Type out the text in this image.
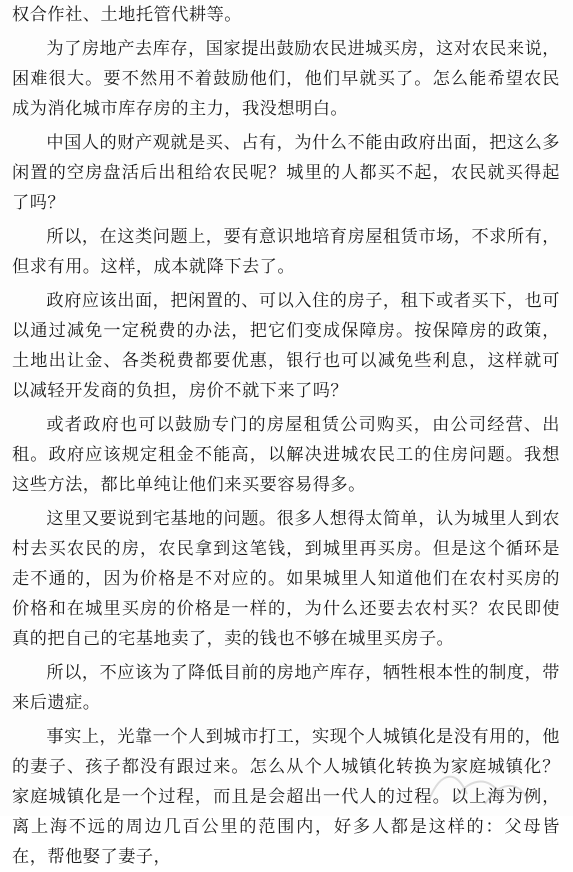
权合作社、土地托管代耕等。

为了房地产去库存，国家提出鼓励农民进城买房，这对农民来说，困难很大。要不然用不着鼓励他们，他们早就买了。怎么能希望农民成为消化城市库存房的主力，我没想明白。

中国人的财产观就是买、占有，为什么不能由政府出面，把这么多闲置的空房盘活后出租给农民呢？城里的人都买不起，农民就买得起了吗？

所以，在这类问题上，要有意识地培育房屋租赁市场，不求所有，但求有用。这样，成本就降下去了。

政府应该出面，把闲置的、可以入住的房子，租下或者买下，也可以通过减免一定税费的办法，把它们变成保障房。按保障房的政策，土地出让金、各类税费都要优惠，银行也可以减免些利息，这样就可以减轻开发商的负担，房价不就下来了吗？

或者政府也可以鼓励专门的房屋租赁公司购买，由公司经营、出租。政府应该规定租金不能高，以解决进城农民工的住房问题。我想这些方法，都比单纯让他们来买要容易得多。

这里又要说到宅基地的问题。很多人想得太简单，认为城里人到农村去买农民的房，农民拿到这笔钱，到城里再买房。但是这个循环是走不通的，因为价格是不对应的。如果城里人知道他们在农村买房的价格和在城里买房的价格是一样的，为什么还要去农村买？农民即使真的把自己的宅基地卖了，卖的钱也不够在城里买房子。

所以，不应该为了降低目前的房地产库存，牺牲根本性的制度，带来后遗症。

事实上，光靠一个人到城市打工，实现个人城镇化是没有用的，他的妻子、孩子都没有跟过来。怎么从个人城镇化转换为家庭城镇化？家庭城镇化是一个过程，而且是会超出一代人的过程。以上海为例，离上海不远的周边几百公里的范围内，好多人都是这样的：父母皆在，帮他娶了妻子，
